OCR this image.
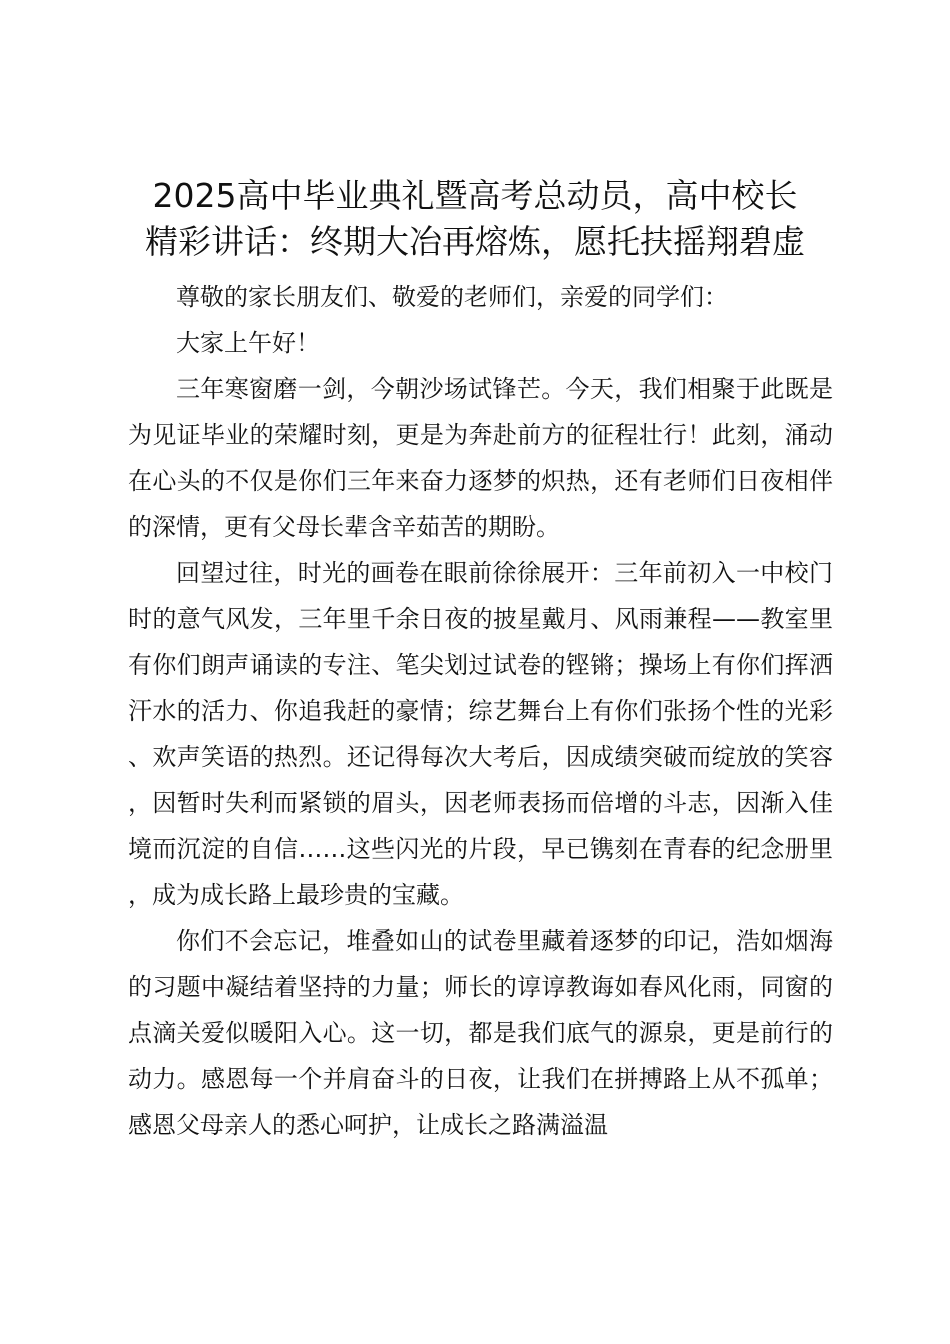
2025高中毕业典礼暨高考总动员，高中校长
精彩讲话：终期大冶再熔炼，愿托扶摇翔碧虚

尊敬的家长朋友们、敬爱的老师们，亲爱的同学们：

大家上午好！

三年寒窗磨一剑，今朝沙场试锋芒。今天，我们相聚于此既是为见证毕业的荣耀时刻，更是为奔赴前方的征程壮行！此刻，涌动在心头的不仅是你们三年来奋力逐梦的炽热，还有老师们日夜相伴的深情，更有父母长辈含辛茹苦的期盼。

回望过往，时光的画卷在眼前徐徐展开：三年前初入一中校门时的意气风发，三年里千余日夜的披星戴月、风雨兼程——教室里有你们朗声诵读的专注、笔尖划过试卷的铿锵；操场上有你们挥洒汗水的活力、你追我赶的豪情；综艺舞台上有你们张扬个性的光彩、欢声笑语的热烈。还记得每次大考后，因成绩突破而绽放的笑容，因暂时失利而紧锁的眉头，因老师表扬而倍增的斗志，因渐入佳境而沉淀的自信……这些闪光的片段，早已镌刻在青春的纪念册里，成为成长路上最珍贵的宝藏。

你们不会忘记，堆叠如山的试卷里藏着逐梦的印记，浩如烟海的习题中凝结着坚持的力量；师长的谆谆教诲如春风化雨，同窗的点滴关爱似暖阳入心。这一切，都是我们底气的源泉，更是前行的动力。感恩每一个并肩奋斗的日夜，让我们在拼搏路上从不孤单；感恩父母亲人的悉心呵护，让成长之路满溢温
